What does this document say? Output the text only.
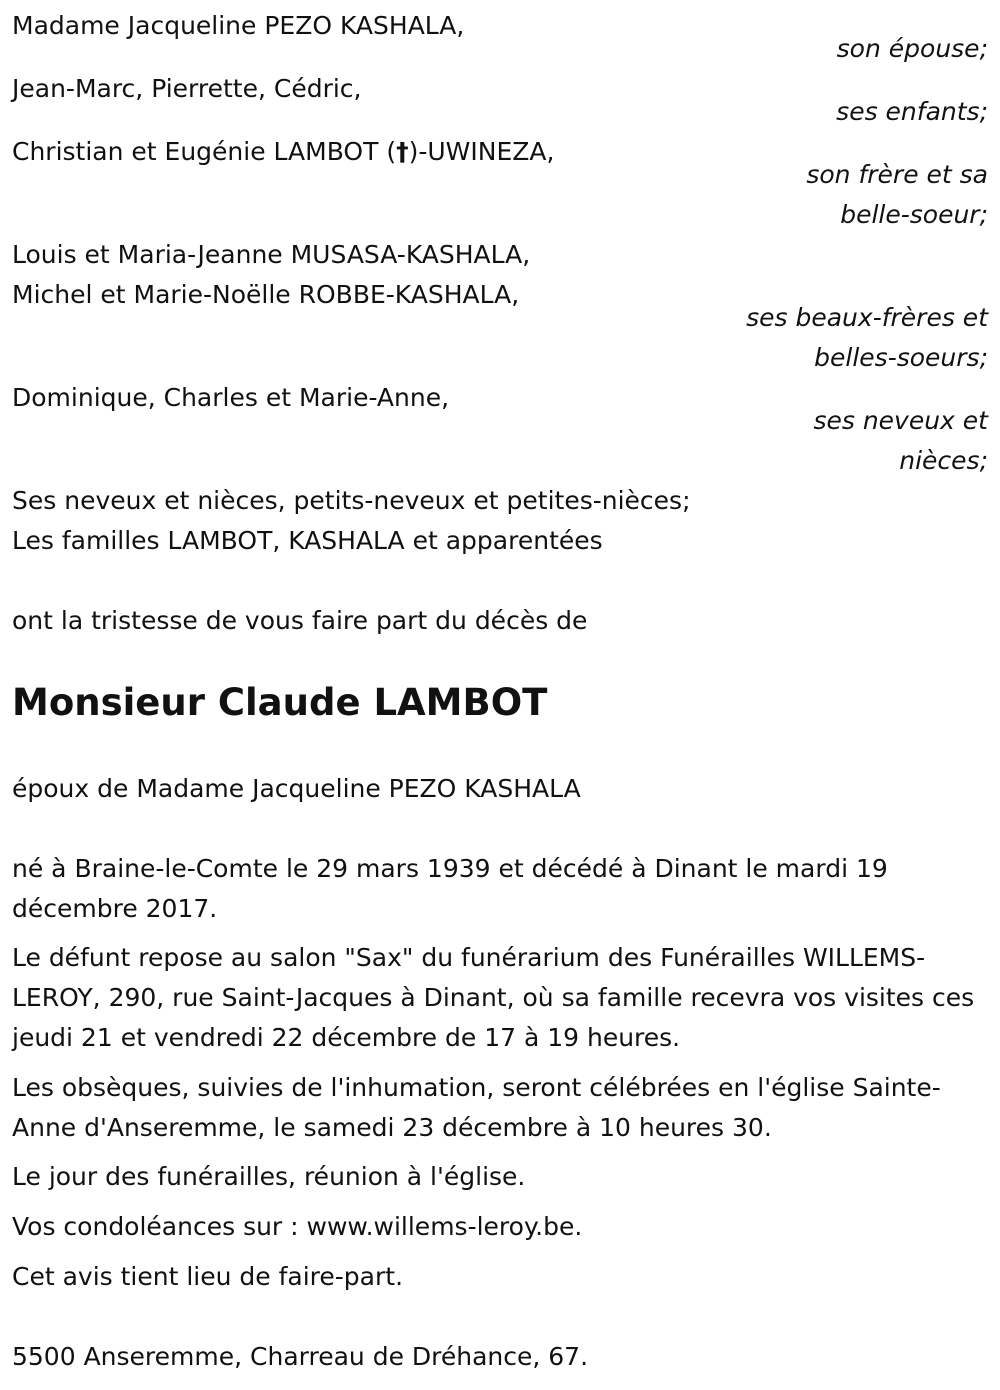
Madame Jacqueline PEZO KASHALA,
son épouse;
Jean-Marc, Pierrette, Cédric,
ses enfants;
Christian et Eugénie LAMBOT (†)-UWINEZA,
son frère et sa
belle-soeur;
Louis et Maria-Jeanne MUSASA-KASHALA,
Michel et Marie-Noëlle ROBBE-KASHALA,
ses beaux-frères et
belles-soeurs;
Dominique, Charles et Marie-Anne,
ses neveux et
nièces;
Ses neveux et nièces, petits-neveux et petites-nièces;
Les familles LAMBOT, KASHALA et apparentées
ont la tristesse de vous faire part du décès de
Monsieur Claude LAMBOT
époux de Madame Jacqueline PEZO KASHALA
né à Braine-le-Comte le 29 mars 1939 et décédé à Dinant le mardi 19 décembre 2017.
Le défunt repose au salon "Sax" du funérarium des Funérailles WILLEMS-LEROY, 290, rue Saint-Jacques à Dinant, où sa famille recevra vos visites ces jeudi 21 et vendredi 22 décembre de 17 à 19 heures.
Les obsèques, suivies de l'inhumation, seront célébrées en l'église Sainte-Anne d'Anseremme, le samedi 23 décembre à 10 heures 30.
Le jour des funérailles, réunion à l'église.
Vos condoléances sur : www.willems-leroy.be.
Cet avis tient lieu de faire-part.
5500 Anseremme, Charreau de Dréhance, 67.
